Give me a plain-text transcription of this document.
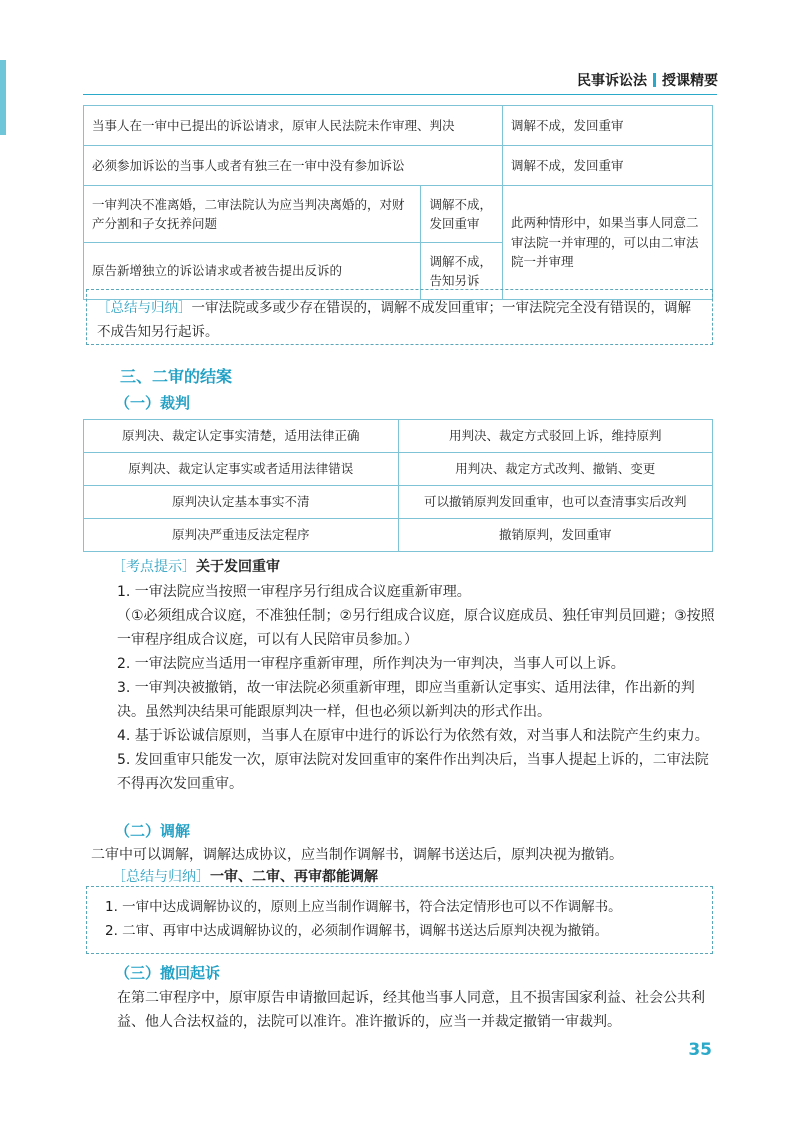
民事诉讼法 授课精要
当事人在一审中已提出的诉讼请求，原审人民法院未作审理、判决		调解不成，发回重审
必须参加诉讼的当事人或者有独三在一审中没有参加诉讼		调解不成，发回重审
一审判决不准离婚，二审法院认为应当判决离婚的，对财产分割和子女抚养问题	调解不成，发回重审	此两种情形中，如果当事人同意二审法院一并审理的，可以由二审法院一并审理
原告新增独立的诉讼请求或者被告提出反诉的	调解不成，告知另诉	
［总结与归纳］一审法院或多或少存在错误的，调解不成发回重审；一审法院完全没有错误的，调解不成告知另行起诉。
三、二审的结案
（一）裁判
原判决、裁定认定事实清楚，适用法律正确	用判决、裁定方式驳回上诉，维持原判
原判决、裁定认定事实或者适用法律错误	用判决、裁定方式改判、撤销、变更
原判决认定基本事实不清	可以撤销原判发回重审，也可以查清事实后改判
原判决严重违反法定程序	撤销原判，发回重审
［考点提示］关于发回重审
1. 一审法院应当按照一审程序另行组成合议庭重新审理。
（①必须组成合议庭，不准独任制；②另行组成合议庭，原合议庭成员、独任审判员回避；③按照一审程序组成合议庭，可以有人民陪审员参加。）
2. 一审法院应当适用一审程序重新审理，所作判决为一审判决，当事人可以上诉。
3. 一审判决被撤销，故一审法院必须重新审理，即应当重新认定事实、适用法律，作出新的判决。虽然判决结果可能跟原判决一样，但也必须以新判决的形式作出。
4. 基于诉讼诚信原则，当事人在原审中进行的诉讼行为依然有效，对当事人和法院产生约束力。
5. 发回重审只能发一次，原审法院对发回重审的案件作出判决后，当事人提起上诉的，二审法院不得再次发回重审。
（二）调解
二审中可以调解，调解达成协议，应当制作调解书，调解书送达后，原判决视为撤销。
［总结与归纳］一审、二审、再审都能调解
1. 一审中达成调解协议的，原则上应当制作调解书，符合法定情形也可以不作调解书。
2. 二审、再审中达成调解协议的，必须制作调解书，调解书送达后原判决视为撤销。
（三）撤回起诉
在第二审程序中，原审原告申请撤回起诉，经其他当事人同意，且不损害国家利益、社会公共利益、他人合法权益的，法院可以准许。准许撤诉的，应当一并裁定撤销一审裁判。
35
